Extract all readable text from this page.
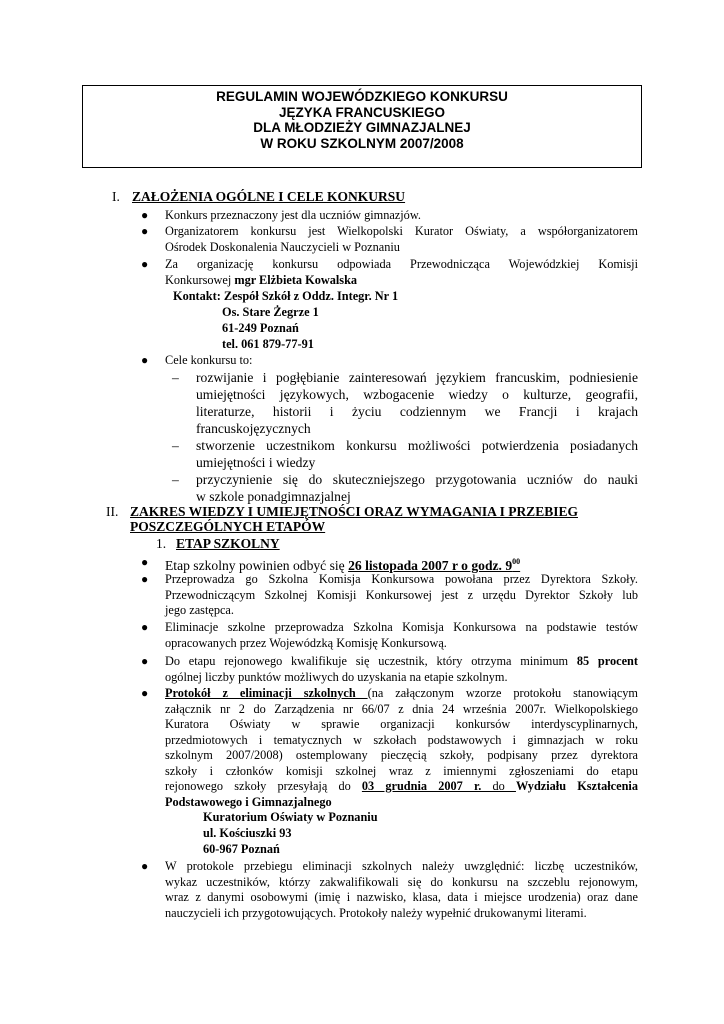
REGULAMIN WOJEWÓDZKIEGO KONKURSU
JĘZYKA FRANCUSKIEGO
DLA MŁODZIEŻY GIMNAZJALNEJ
W ROKU SZKOLNYM 2007/2008
I. ZAŁOŻENIA OGÓLNE I CELE KONKURSU
● Konkurs przeznaczony jest dla uczniów gimnazjów.
● Organizatorem konkursu jest Wielkopolski Kurator Oświaty, a współorganizatorem
Ośrodek Doskonalenia Nauczycieli w Poznaniu
● Za organizację konkursu odpowiada Przewodnicząca Wojewódzkiej Komisji
Konkursowej mgr Elżbieta Kowalska
Kontakt: Zespół Szkół z Oddz. Integr. Nr 1
Os. Stare Żegrze 1
61-249 Poznań
tel. 061 879-77-91
● Cele konkursu to:
– rozwijanie i pogłębianie zainteresowań językiem francuskim, podniesienie
umiejętności językowych, wzbogacenie wiedzy o kulturze, geografii,
literaturze, historii i życiu codziennym we Francji i krajach
francuskojęzycznych
– stworzenie uczestnikom konkursu możliwości potwierdzenia posiadanych
umiejętności i wiedzy
– przyczynienie się do skuteczniejszego przygotowania uczniów do nauki
w szkole ponadgimnazjalnej
II. ZAKRES WIEDZY I UMIEJĘTNOŚCI ORAZ WYMAGANIA I PRZEBIEG
POSZCZEGÓLNYCH ETAPÓW
1. ETAP SZKOLNY
● Etap szkolny powinien odbyć się 26 listopada 2007 r o godz. $9^{00}$
● Przeprowadza go Szkolna Komisja Konkursowa powołana przez Dyrektora Szkoły.
Przewodniczącym Szkolnej Komisji Konkursowej jest z urzędu Dyrektor Szkoły lub
jego zastępca.
● Eliminacje szkolne przeprowadza Szkolna Komisja Konkursowa na podstawie testów
opracowanych przez Wojewódzką Komisję Konkursową.
● Do etapu rejonowego kwalifikuje się uczestnik, który otrzyma minimum 85 procent
ogólnej liczby punktów możliwych do uzyskania na etapie szkolnym.
● Protokół z eliminacji szkolnych (na załączonym wzorze protokołu stanowiącym
załącznik nr 2 do Zarządzenia nr 66/07 z dnia 24 września 2007r. Wielkopolskiego
Kuratora Oświaty w sprawie organizacji konkursów interdyscyplinarnych,
przedmiotowych i tematycznych w szkołach podstawowych i gimnazjach w roku
szkolnym 2007/2008) ostemplowany pieczęcią szkoły, podpisany przez dyrektora
szkoły i członków komisji szkolnej wraz z imiennymi zgłoszeniami do etapu
rejonowego szkoły przesyłają do 03 grudnia 2007 r. do Wydziału Kształcenia
Podstawowego i Gimnazjalnego
Kuratorium Oświaty w Poznaniu
ul. Kościuszki 93
60-967 Poznań
● W protokole przebiegu eliminacji szkolnych należy uwzględnić: liczbę uczestników,
wykaz uczestników, którzy zakwalifikowali się do konkursu na szczeblu rejonowym,
wraz z danymi osobowymi (imię i nazwisko, klasa, data i miejsce urodzenia) oraz dane
nauczycieli ich przygotowujących. Protokoły należy wypełnić drukowanymi literami.
